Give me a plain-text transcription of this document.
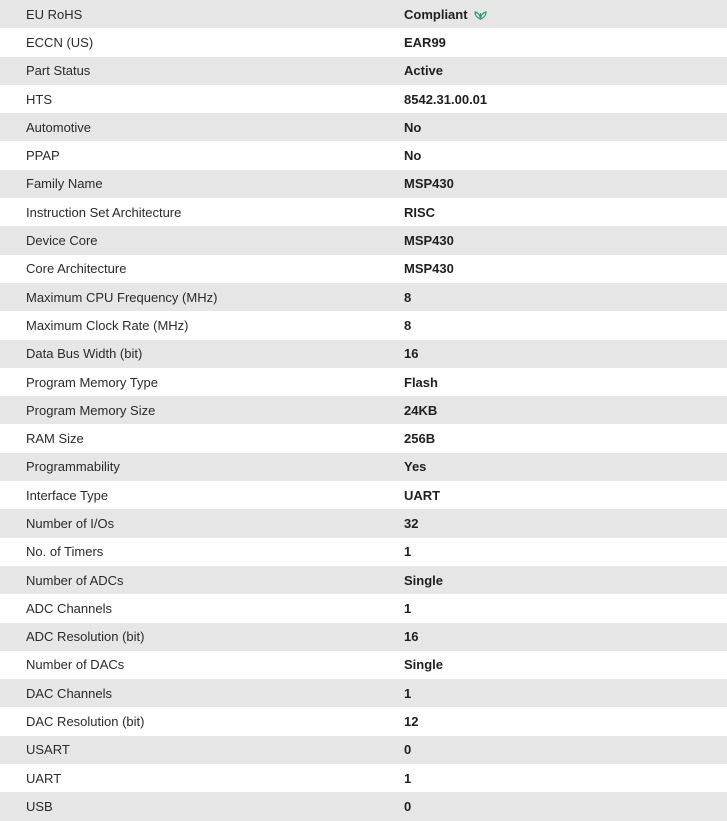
EU RoHS	Compliant
ECCN (US)	EAR99
Part Status	Active
HTS	8542.31.00.01
Automotive	No
PPAP	No
Family Name	MSP430
Instruction Set Architecture	RISC
Device Core	MSP430
Core Architecture	MSP430
Maximum CPU Frequency (MHz)	8
Maximum Clock Rate (MHz)	8
Data Bus Width (bit)	16
Program Memory Type	Flash
Program Memory Size	24KB
RAM Size	256B
Programmability	Yes
Interface Type	UART
Number of I/Os	32
No. of Timers	1
Number of ADCs	Single
ADC Channels	1
ADC Resolution (bit)	16
Number of DACs	Single
DAC Channels	1
DAC Resolution (bit)	12
USART	0
UART	1
USB	0
